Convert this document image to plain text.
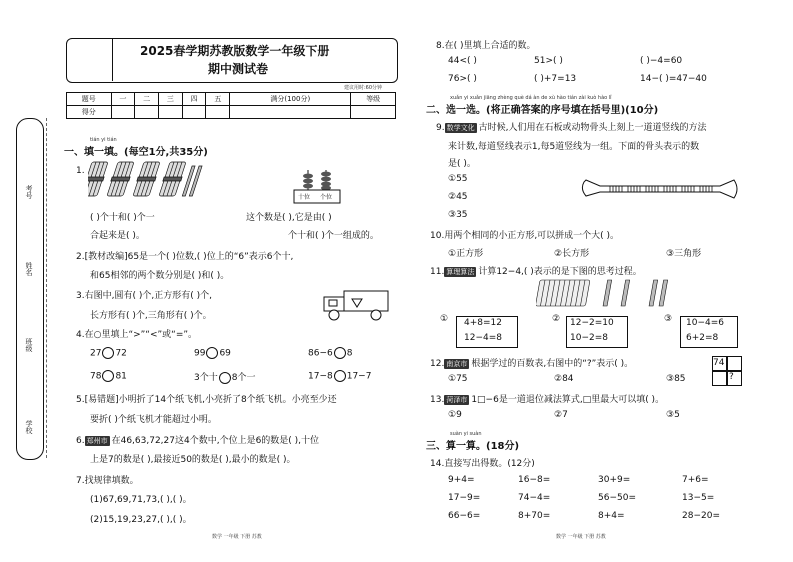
考号
姓名
班级
学校
2025春学期苏教版数学一年级下册
期中测试卷
建议用时:60分钟
题号	一	二	三	四	五	满分(100分)	等级
得分							
tián yi tián
一、填一填。(每空1分,共35分)
1.
十位 个位
( )个十和( )个一	这个数是( ),它是由( )
合起来是( )。	个十和( )个一组成的。
2.[教材改编]65是一个( )位数,( )位上的“6”表示6个十,
和65相邻的两个数分别是( )和( )。
3.右图中,圆有( )个,正方形有( )个,
长方形有( )个,三角形有( )个。
4.在○里填上“>”“<”或“=”。
27 72	99 69	86−6 8
78 81	3个十 8个一	17−8 17−7
5.[易错题]小明折了14个纸飞机,小亮折了8个纸飞机。小亮至少还
要折( )个纸飞机才能超过小明。
6. 郑州市 在46,63,72,27这4个数中,个位上是6的数是( ),十位
上是7的数是( ),最接近50的数是( ),最小的数是( )。
7.找规律填数。
(1)67,69,71,73,( ),( )。
(2)15,19,23,27,( ),( )。
数学 一年级 下册 苏教
8.在( )里填上合适的数。
44<( )	51>( )	( )−4=60
76>( )	( )+7=13	14−( )=47−40
xuǎn yi xuǎn jiāng zhèng què dá àn de xù hào tián zài kuò hào lǐ
二、选一选。(将正确答案的序号填在括号里)(10分)
9. 数学文化 古时候,人们用在石板或动物骨头上刻上一道道竖线的方法
来计数,每道竖线表示1,每5道竖线为一组。下面的骨头表示的数
是( )。
①55
②45
③35
10.用两个相同的小正方形,可以拼成一个大( )。
①正方形	②长方形	③三角形
11. 算理算法 计算12−4,( )表示的是下图的思考过程。
① 4+8=12
12−4=8
② 12−2=10
10−2=8
③ 10−4=6
6+2=8
12. 南京市 根据学过的百数表,右图中的“?”表示( )。
①75	②84	③85
74
?
13. 菏泽市 1□−6是一道退位减法算式,□里最大可以填( )。
①9	②7	③5
suàn yi suàn
三、算一算。(18分)
14.直接写出得数。(12分)
9+4=	16−8=	30+9=	7+6=
17−9=	74−4=	56−50=	13−5=
66−6=	8+70=	8+4=	28−20=
数学 一年级 下册 苏教
